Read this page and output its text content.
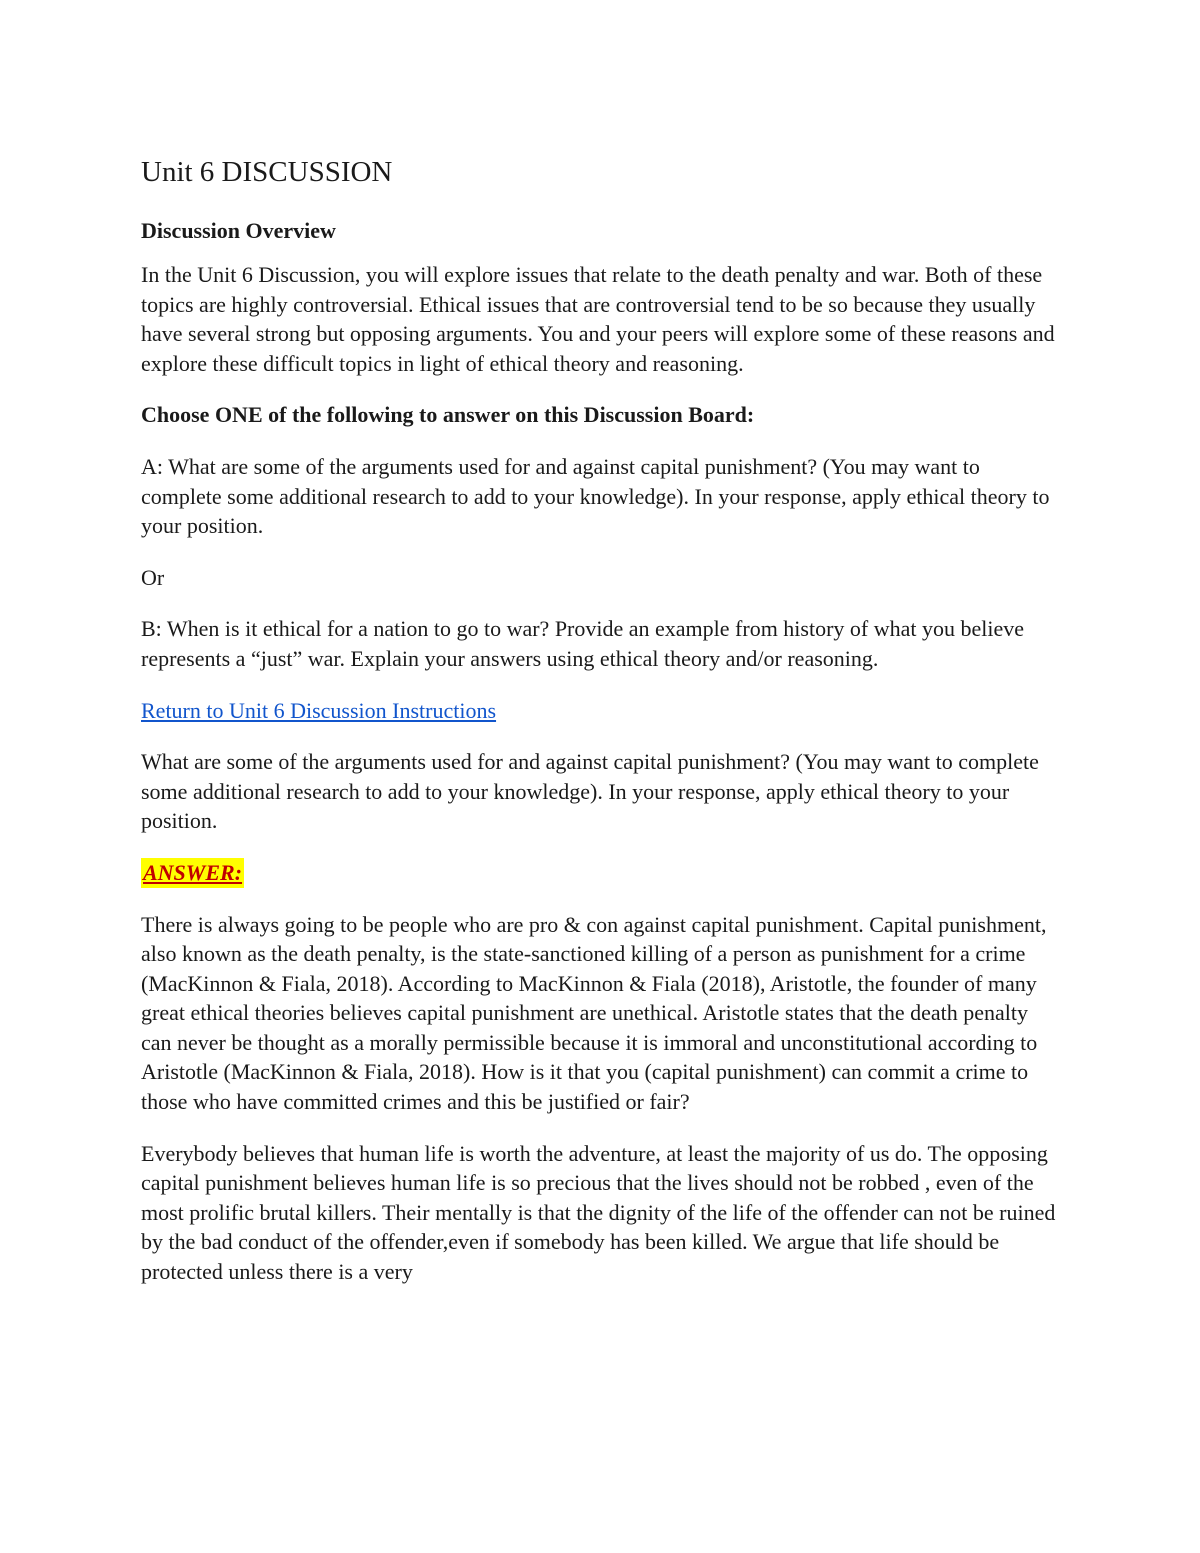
Unit 6 DISCUSSION
Discussion Overview

In the Unit 6 Discussion, you will explore issues that relate to the death penalty and war. Both of these topics are highly controversial. Ethical issues that are controversial tend to be so because they usually have several strong but opposing arguments. You and your peers will explore some of these reasons and explore these difficult topics in light of ethical theory and reasoning.

Choose ONE of the following to answer on this Discussion Board:

A: What are some of the arguments used for and against capital punishment? (You may want to complete some additional research to add to your knowledge). In your response, apply ethical theory to your position.

Or

B: When is it ethical for a nation to go to war? Provide an example from history of what you believe represents a “just” war. Explain your answers using ethical theory and/or reasoning.

Return to Unit 6 Discussion Instructions

What are some of the arguments used for and against capital punishment? (You may want to complete some additional research to add to your knowledge). In your response, apply ethical theory to your position.

ANSWER:

There is always going to be people who are pro & con against capital punishment. Capital punishment, also known as the death penalty, is the state-sanctioned killing of a person as punishment for a crime (MacKinnon & Fiala, 2018). According to MacKinnon & Fiala (2018), Aristotle, the founder of many great ethical theories believes capital punishment are unethical. Aristotle states that the death penalty can never be thought as a morally permissible because it is immoral and unconstitutional according to Aristotle (MacKinnon & Fiala, 2018). How is it that you (capital punishment) can commit a crime to those who have committed crimes and this be justified or fair?

Everybody believes that human life is worth the adventure, at least the majority of us do. The opposing capital punishment believes human life is so precious that the lives should not be robbed , even of the most prolific brutal killers. Their mentally is that the dignity of the life of the offender can not be ruined by the bad conduct of the offender,even if somebody has been killed. We argue that life should be protected unless there is a very
